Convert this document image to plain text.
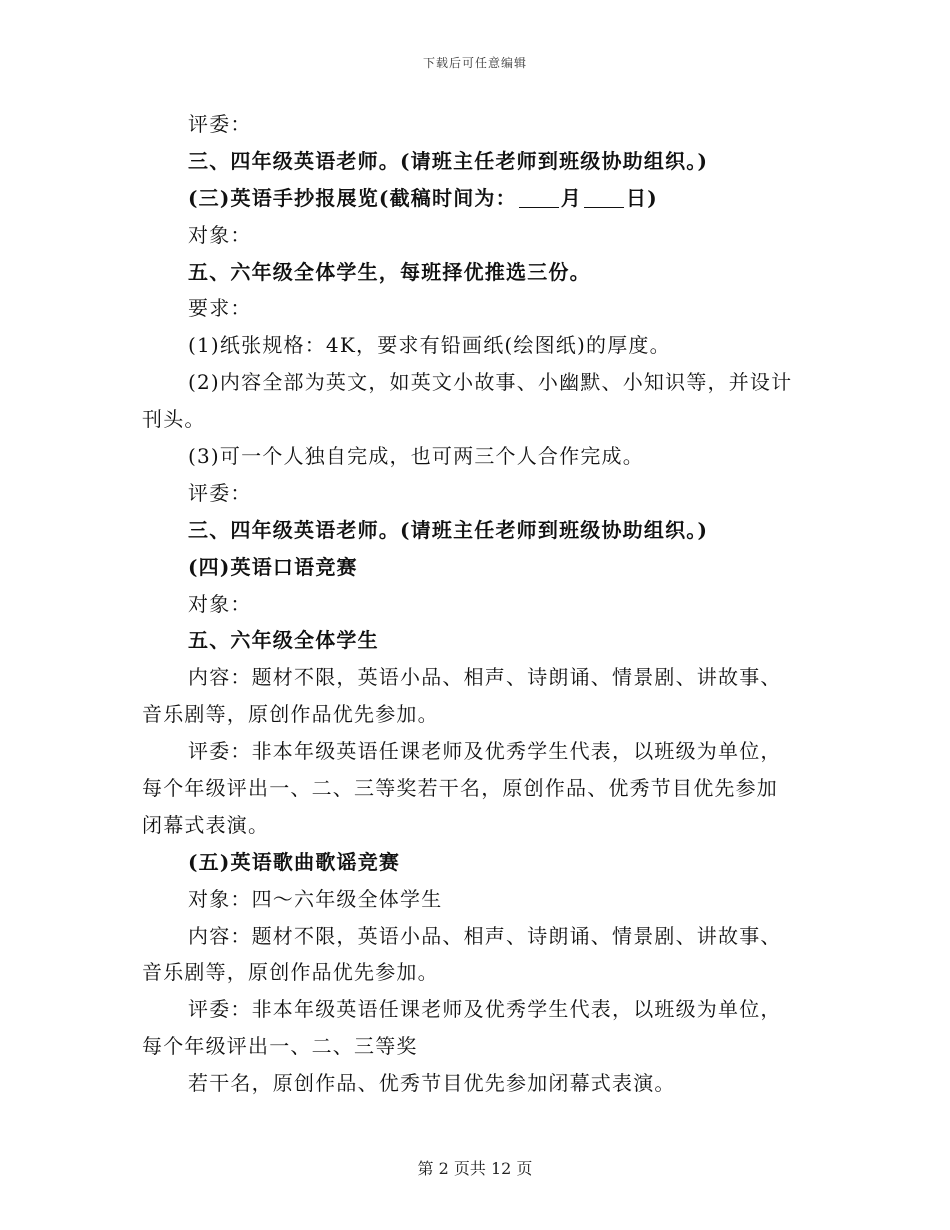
下载后可任意编辑
评委：
三、四年级英语老师。(请班主任老师到班级协助组织。)
(三)英语手抄报展览(截稿时间为： 月 日)
对象：
五、六年级全体学生，每班择优推选三份。
要求：
(1)纸张规格：4K，要求有铅画纸(绘图纸)的厚度。
(2)内容全部为英文，如英文小故事、小幽默、小知识等，并设计
刊头。
(3)可一个人独自完成，也可两三个人合作完成。
评委：
三、四年级英语老师。(请班主任老师到班级协助组织。)
(四)英语口语竞赛
对象：
五、六年级全体学生
内容：题材不限，英语小品、相声、诗朗诵、情景剧、讲故事、
音乐剧等，原创作品优先参加。
评委：非本年级英语任课老师及优秀学生代表，以班级为单位，
每个年级评出一、二、三等奖若干名，原创作品、优秀节目优先参加
闭幕式表演。
(五)英语歌曲歌谣竞赛
对象：四～六年级全体学生
内容：题材不限，英语小品、相声、诗朗诵、情景剧、讲故事、
音乐剧等，原创作品优先参加。
评委：非本年级英语任课老师及优秀学生代表，以班级为单位，
每个年级评出一、二、三等奖
若干名，原创作品、优秀节目优先参加闭幕式表演。
第 2 页共 12 页
